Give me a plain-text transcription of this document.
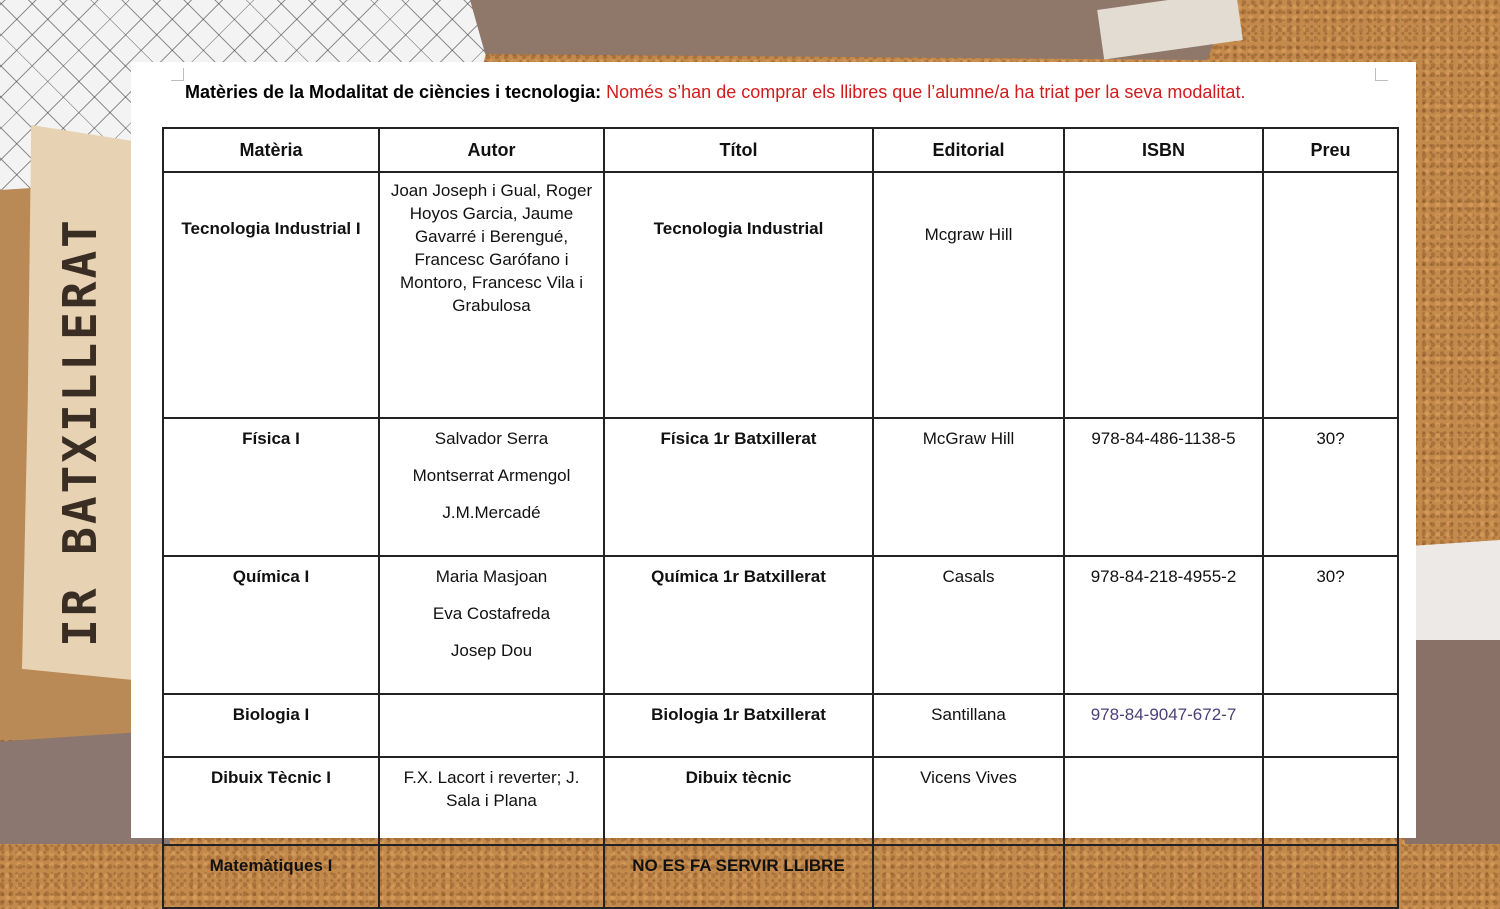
IR BATXILLERAT
Matèries de la Modalitat de ciències i tecnologia: Només s’han de comprar els llibres que l’alumne/a ha triat per la seva modalitat.
Matèria	Autor	Títol	Editorial	ISBN	Preu
Tecnologia Industrial I	Joan Joseph i Gual, Roger Hoyos Garcia, Jaume Gavarré i Berengué, Francesc Garófano i Montoro, Francesc Vila i Grabulosa	Tecnologia Industrial	Mcgraw Hill		
Física I	Salvador Serra
Montserrat Armengol
J.M.Mercadé	Física 1r Batxillerat	McGraw Hill	978-84-486-1138-5	30?
Química I	Maria Masjoan
Eva Costafreda
Josep Dou	Química 1r Batxillerat	Casals	978-84-218-4955-2	30?
Biologia I		Biologia 1r Batxillerat	Santillana	978-84-9047-672-7	
Dibuix Tècnic I	F.X. Lacort i reverter; J. Sala i Plana	Dibuix tècnic	Vicens Vives		
Matemàtiques I		NO ES FA SERVIR LLIBRE			
